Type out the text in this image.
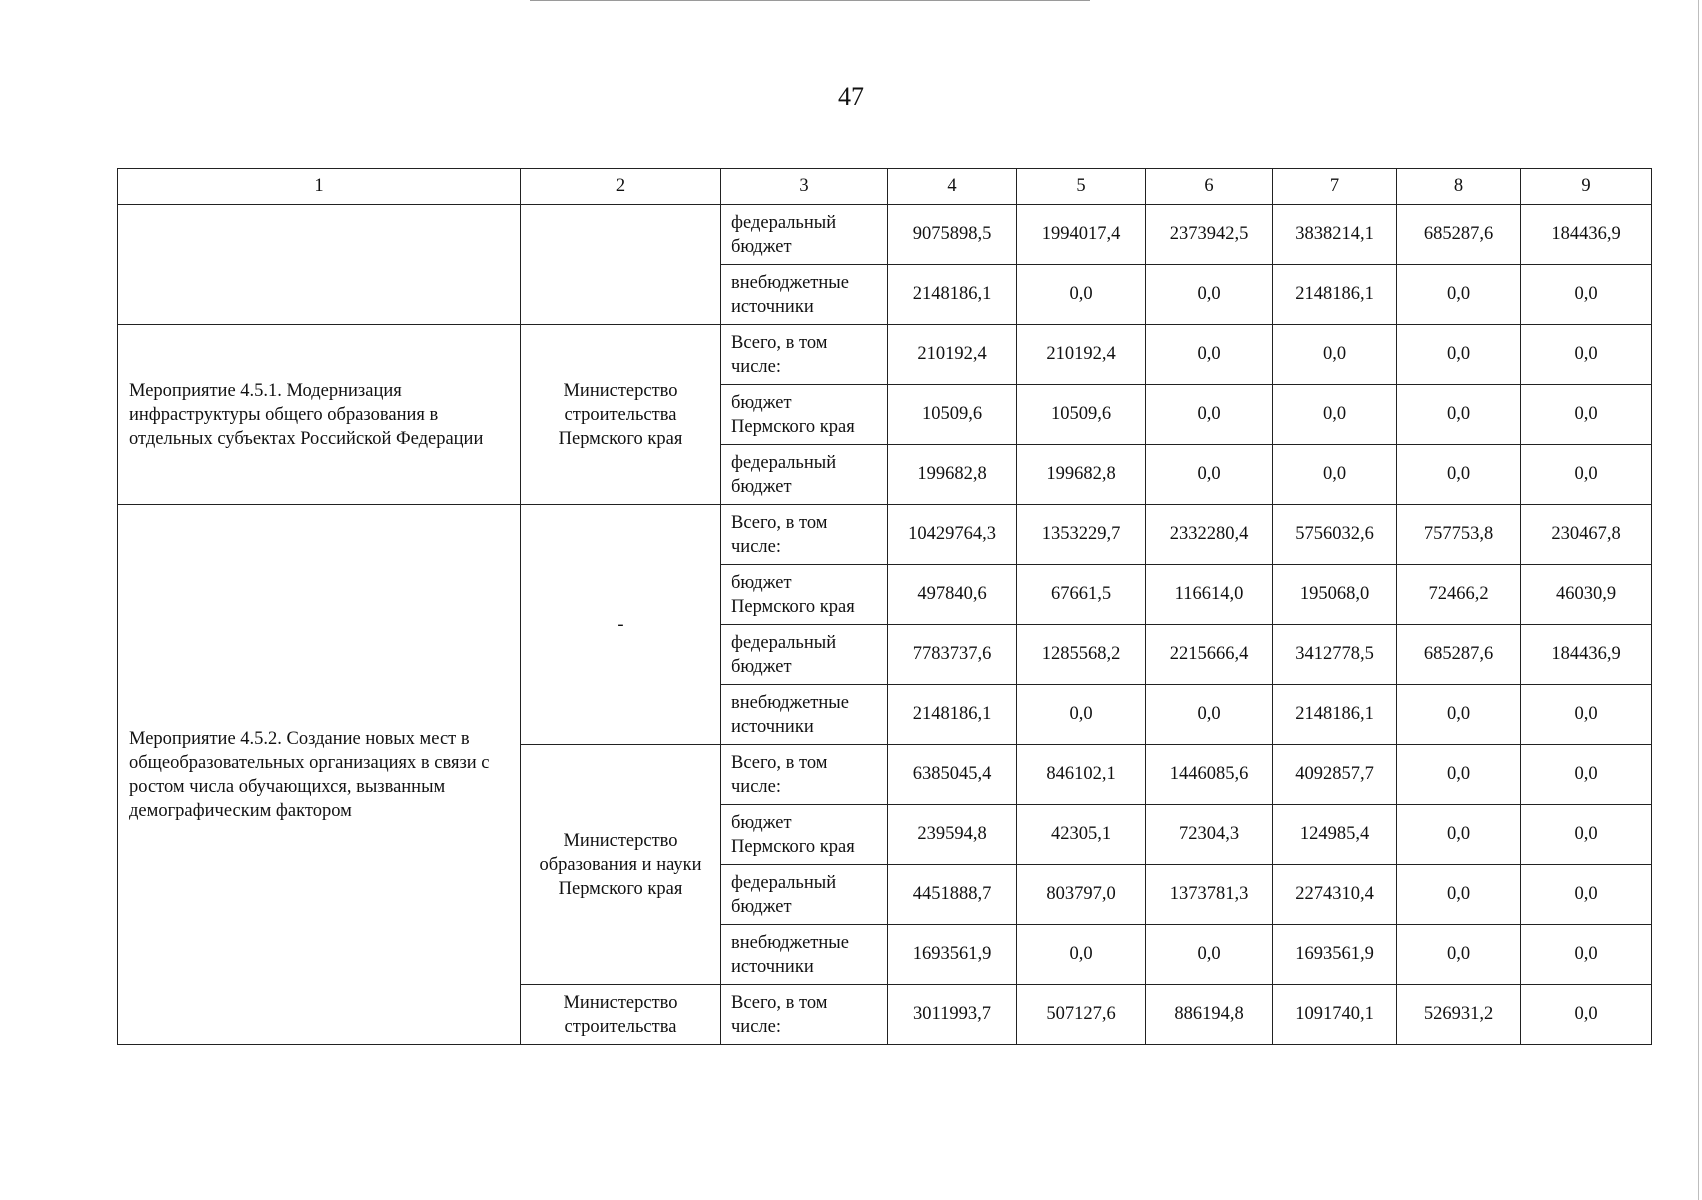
47
1	2	3	4	5	6	7	8	9
		федеральный бюджет	9075898,5	1994017,4	2373942,5	3838214,1	685287,6	184436,9
		внебюджетные источники	2148186,1	0,0	0,0	2148186,1	0,0	0,0
Мероприятие 4.5.1. Модернизация инфраструктуры общего образования в отдельных субъектах Российской Федерации	Министерство строительства Пермского края	Всего, в том числе:	210192,4	210192,4	0,0	0,0	0,0	0,0
		бюджет Пермского края	10509,6	10509,6	0,0	0,0	0,0	0,0
		федеральный бюджет	199682,8	199682,8	0,0	0,0	0,0	0,0
Мероприятие 4.5.2. Создание новых мест в общеобразовательных организациях в связи с ростом числа обучающихся, вызванным демографическим фактором	-	Всего, в том числе:	10429764,3	1353229,7	2332280,4	5756032,6	757753,8	230467,8
		бюджет Пермского края	497840,6	67661,5	116614,0	195068,0	72466,2	46030,9
		федеральный бюджет	7783737,6	1285568,2	2215666,4	3412778,5	685287,6	184436,9
		внебюджетные источники	2148186,1	0,0	0,0	2148186,1	0,0	0,0
	Министерство образования и науки Пермского края	Всего, в том числе:	6385045,4	846102,1	1446085,6	4092857,7	0,0	0,0
		бюджет Пермского края	239594,8	42305,1	72304,3	124985,4	0,0	0,0
		федеральный бюджет	4451888,7	803797,0	1373781,3	2274310,4	0,0	0,0
		внебюджетные источники	1693561,9	0,0	0,0	1693561,9	0,0	0,0
	Министерство строительства	Всего, в том числе:	3011993,7	507127,6	886194,8	1091740,1	526931,2	0,0
